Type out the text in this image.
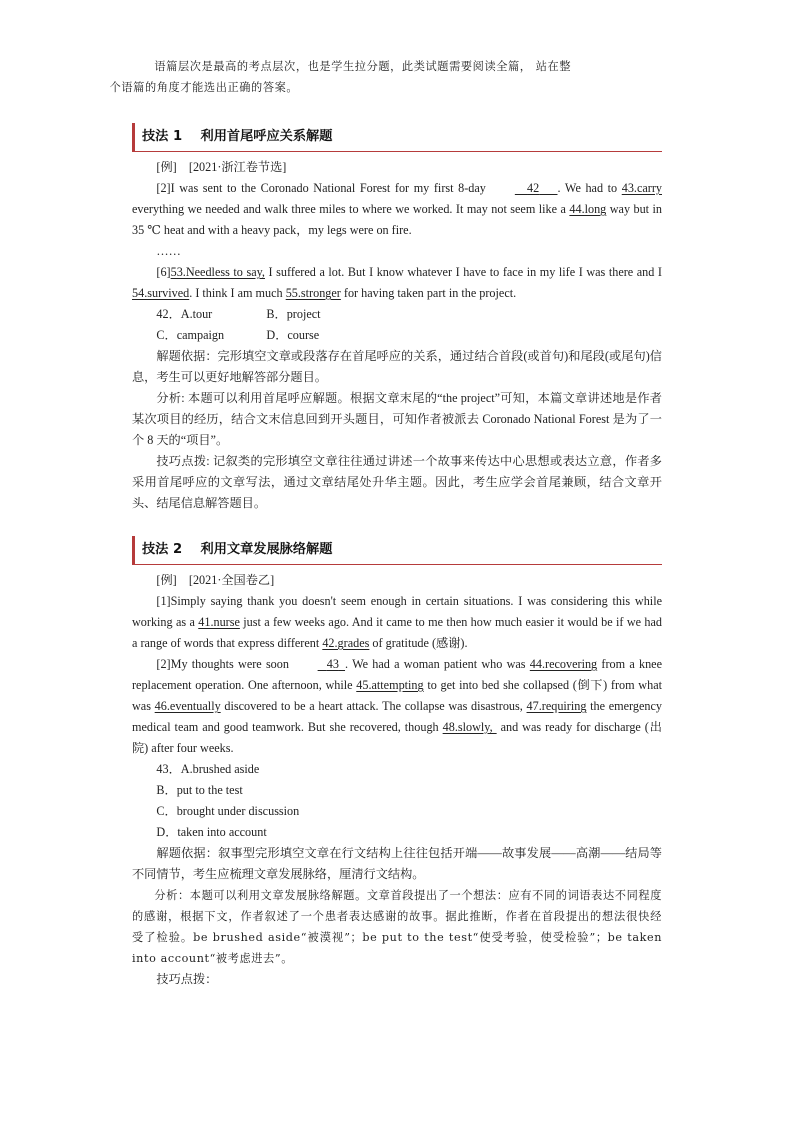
语篇层次是最高的考点层次，也是学生拉分题，此类试题需要阅读全篇， 站在整
个语篇的角度才能选出正确的答案。

技法 1    利用首尾呼应关系解题

[例]    [2021·浙江卷节选]

[2]I was sent to the Coronado National Forest for my first 8-day	42 . We had to 43.carry everything we needed and walk three miles to where we worked. It may not seem like a 44.long way but in 35 ℃ heat and with a heavy pack，my legs were on fire.

……

[6]53.Needless to say, I suffered a lot. But I know whatever I have to face in my life I was there and I 54.survived. I think I am much 55.stronger for having taken part in the project.

42．A.tour	B．project
C．campaign	D．course

解题依据：完形填空文章或段落存在首尾呼应的关系，通过结合首段(或首句)和尾段(或尾句)信息，考生可以更好地解答部分题目。

分析: 本题可以利用首尾呼应解题。根据文章末尾的“the project”可知，本篇文章讲述地是作者某次项目的经历，结合文末信息回到开头题目，可知作者被派去 Coronado National Forest 是为了一个 8 天的“项目”。

技巧点拨: 记叙类的完形填空文章往往通过讲述一个故事来传达中心思想或表达立意，作者多采用首尾呼应的文章写法，通过文章结尾处升华主题。因此，考生应学会首尾兼顾，结合文章开头、结尾信息解答题目。

技法 2    利用文章发展脉络解题

[例]    [2021·全国卷乙]

[1]Simply saying thank you doesn't seem enough in certain situations. I was considering this while working as a 41.nurse just a few weeks ago. And it came to me then how much easier it would be if we had a range of words that express different 42.grades of gratitude (感谢).

[2]My thoughts were soon	43 . We had a woman patient who was 44.recovering from a knee replacement operation. One afternoon, while 45.attempting to get into bed she collapsed (倒下) from what was 46.eventually discovered to be a heart attack. The collapse was disastrous, 47.requiring the emergency medical team and good teamwork. But she recovered, though 48.slowly,  and was ready for discharge (出院) after four weeks.

43．A.brushed aside
B．put to the test
C．brought under discussion
D．taken into account

解题依据：叙事型完形填空文章在行文结构上往往包括开端——故事发展——高潮——结局等不同情节，考生应梳理文章发展脉络，厘清行文结构。

分析：本题可以利用文章发展脉络解题。文章首段提出了一个想法：应有不同的词语表达不同程度的感谢，根据下文，作者叙述了一个患者表达感谢的故事。据此推断，作者在首段提出的想法很快经受了检验。be brushed aside“被漠视”；be put to the test“使受考验，使受检验”；be taken into account“被考虑进去”。

技巧点拨：
